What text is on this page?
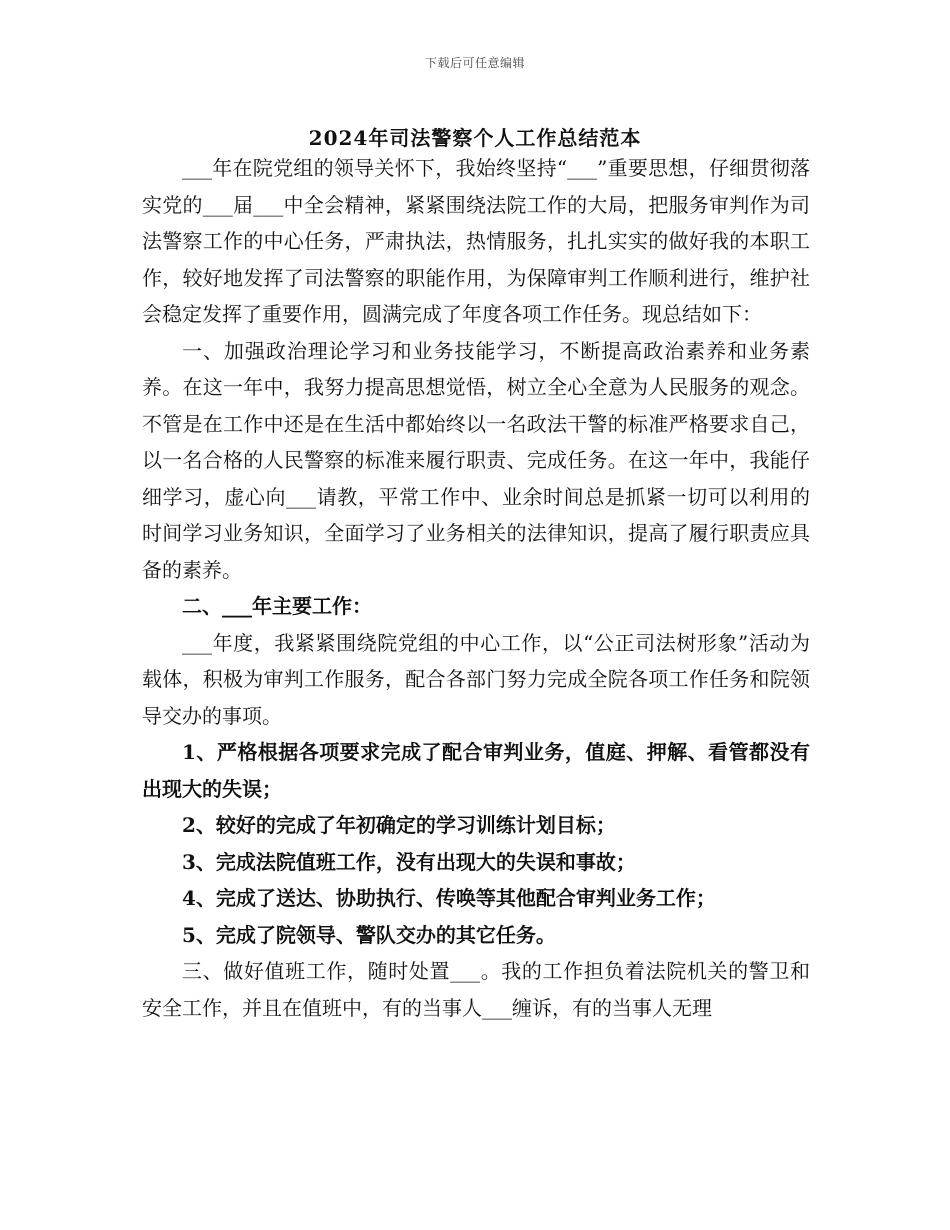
下载后可任意编辑
2024年司法警察个人工作总结范本

___年在院党组的领导关怀下，我始终坚持“___”重要思想，仔细贯彻落实党的___届___中全会精神，紧紧围绕法院工作的大局，把服务审判作为司法警察工作的中心任务，严肃执法，热情服务，扎扎实实的做好我的本职工作，较好地发挥了司法警察的职能作用，为保障审判工作顺利进行，维护社会稳定发挥了重要作用，圆满完成了年度各项工作任务。现总结如下：

一、加强政治理论学习和业务技能学习，不断提高政治素养和业务素养。在这一年中，我努力提高思想觉悟，树立全心全意为人民服务的观念。不管是在工作中还是在生活中都始终以一名政法干警的标准严格要求自己，以一名合格的人民警察的标准来履行职责、完成任务。在这一年中，我能仔细学习，虚心向___请教，平常工作中、业余时间总是抓紧一切可以利用的时间学习业务知识，全面学习了业务相关的法律知识，提高了履行职责应具备的素养。

二、___年主要工作：

___年度，我紧紧围绕院党组的中心工作，以“公正司法树形象”活动为载体，积极为审判工作服务，配合各部门努力完成全院各项工作任务和院领导交办的事项。

1、严格根据各项要求完成了配合审判业务，值庭、押解、看管都没有出现大的失误；

2、较好的完成了年初确定的学习训练计划目标；

3、完成法院值班工作，没有出现大的失误和事故；

4、完成了送达、协助执行、传唤等其他配合审判业务工作；

5、完成了院领导、警队交办的其它任务。

三、做好值班工作，随时处置___。我的工作担负着法院机关的警卫和安全工作，并且在值班中，有的当事人___缠诉，有的当事人无理
